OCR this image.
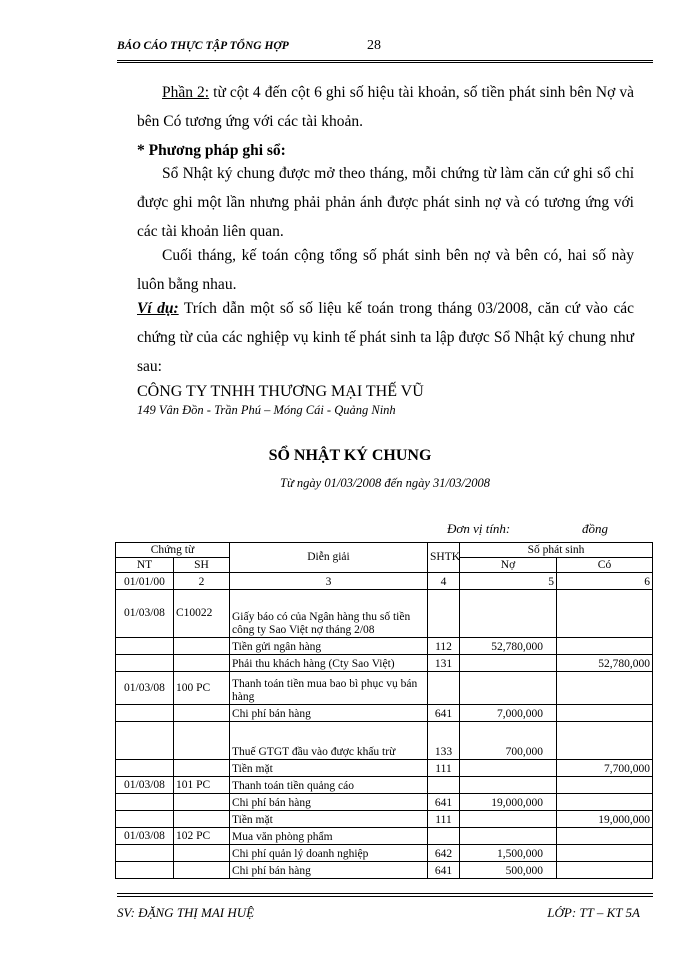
BÁO CÁO THỰC TẬP TỔNG HỢP	28
Phần 2: từ cột 4 đến cột 6 ghi số hiệu tài khoản, số tiền phát sinh bên Nợ và bên Có tương ứng với các tài khoản.
* Phương pháp ghi sổ:
Sổ Nhật ký chung được mở theo tháng, mỗi chứng từ làm căn cứ ghi sổ chỉ được ghi một lần nhưng phải phản ánh được phát sinh nợ và có tương ứng với các tài khoản liên quan.
Cuối tháng, kế toán cộng tổng số phát sinh bên nợ và bên có, hai số này luôn bằng nhau.
Ví dụ: Trích dẫn một số số liệu kế toán trong tháng 03/2008, căn cứ vào các chứng từ của các nghiệp vụ kinh tế phát sinh ta lập được Sổ Nhật ký chung như sau:
CÔNG TY TNHH THƯƠNG MẠI THẾ VŨ
149 Vân Đồn - Trần Phú – Móng Cái - Quảng Ninh
SỔ NHẬT KÝ CHUNG
Từ ngày 01/03/2008 đến ngày 31/03/2008
Đơn vị tính:	đồng
Chứng từ		Diễn giải	SHTK	Số phát sinh	
NT	SH			Nợ	Có
01/01/00	2	3	4	5	6
01/03/08	C10022	Giấy báo có của Ngân hàng thu số tiền công ty Sao Việt nợ tháng 2/08			
		Tiền gửi ngân hàng	112	52,780,000	
		Phải thu khách hàng (Cty Sao Việt)	131		52,780,000
01/03/08	100 PC	Thanh toán tiền mua bao bì phục vụ bán hàng			
		Chi phí bán hàng	641	7,000,000	
		Thuế GTGT đầu vào được khấu trừ	133	700,000	
		Tiền mặt	111		7,700,000
01/03/08	101 PC	Thanh toán tiền quảng cáo			
		Chi phí bán hàng	641	19,000,000	
		Tiền mặt	111		19,000,000
01/03/08	102 PC	Mua văn phòng phẩm			
		Chi phí quản lý doanh nghiệp	642	1,500,000	
		Chi phí bán hàng	641	500,000	
SV: ĐẶNG THỊ MAI HUỆ	LỚP: TT – KT 5A
